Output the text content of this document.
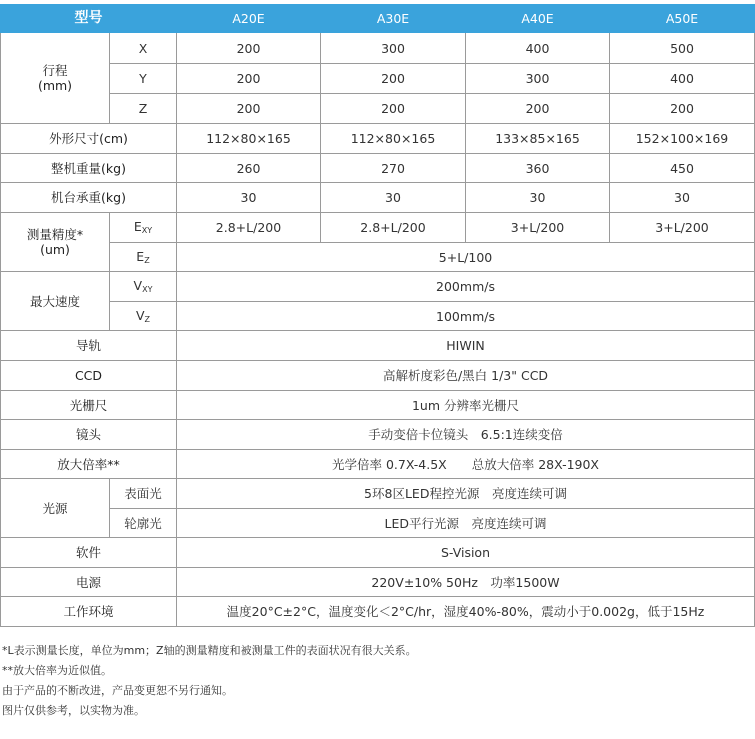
型号		A20E	A30E	A40E	A50E

行程
(mm)	X	200	300	400	500
	Y	200	200	300	400
	Z	200	200	200	200
外形尺寸(cm)		112×80×165	112×80×165	133×85×165	152×100×169
整机重量(kg)		260	270	360	450
机台承重(kg)		30	30	30	30

测量精度*
(um)	EXY	2.8+L/200	2.8+L/200	3+L/200	3+L/200
	EZ	5+L/100			
最大速度	VXY	200mm/s			
	VZ	100mm/s			
导轨		HIWIN			
CCD		高解析度彩色/黑白 1/3" CCD			
光栅尺		1um 分辨率光栅尺			
镜头		手动变倍卡位镜头　6.5:1连续变倍			
放大倍率**		光学倍率 0.7X-4.5X　　总放大倍率 28X-190X			
光源	表面光	5环8区LED程控光源　亮度连续可调			
	轮廓光	LED平行光源　亮度连续可调			
软件		S-Vision			
电源		220V±10% 50Hz　功率1500W			
工作环境		温度20°C±2°C，温度变化＜2°C/hr，湿度40%-80%，震动小于0.002g，低于15Hz			
*L表示测量长度，单位为mm；Z轴的测量精度和被测量工件的表面状况有很大关系。
**放大倍率为近似值。
由于产品的不断改进，产品变更恕不另行通知。
图片仅供参考，以实物为准。
